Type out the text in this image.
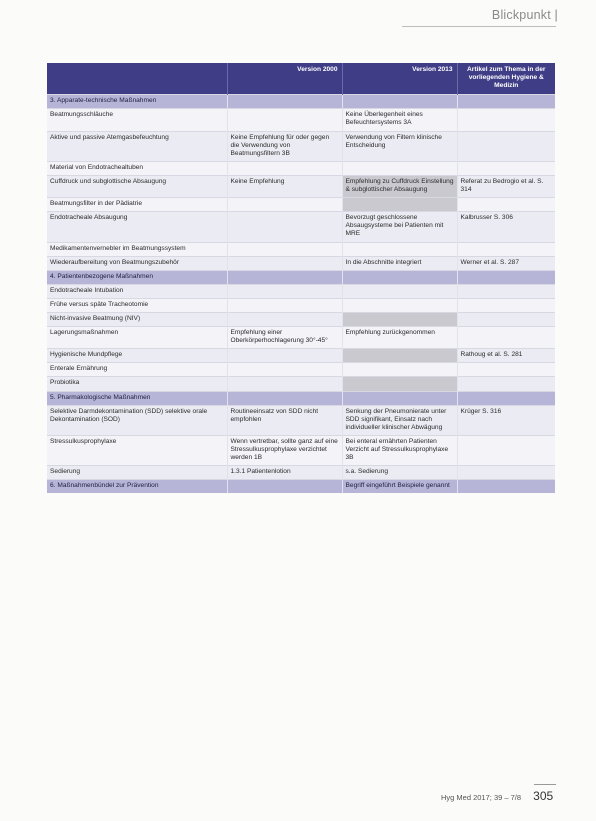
Blickpunkt |
	Version 2000	Version 2013	Artikel zum Thema in der vorliegenden Hygiene & Medizin
3. Apparate-technische Maßnahmen			
Beatmungsschläuche		Keine Überlegenheit eines Befeuchtersystems 3A	
Aktive und passive Atemgasbefeuchtung	Keine Empfehlung für oder gegen die Verwendung von Beatmungsfiltern 3B	Verwendung von Filtern klinische Entscheidung	
Material von Endotrachealtuben			
Cuffdruck und subglottische Absaugung	Keine Empfehlung	Empfehlung zu Cuffdruck Einstellung & subglottischer Absaugung	Referat zu Bedrogio et al. S. 314
Beatmungsfilter in der Pädiatrie			
Endotracheale Absaugung		Bevorzugt geschlossene Absaugsysteme bei Patienten mit MRE	Kalbrusser S. 306
Medikamentenvernebler im Beatmungssystem			
Wiederaufbereitung von Beatmungszubehör		In die Abschnitte integriert	Werner et al. S. 287
4. Patientenbezogene Maßnahmen			
Endotracheale Intubation			
Frühe versus späte Tracheotomie			
Nicht-invasive Beatmung (NIV)			
Lagerungsmaßnahmen	Empfehlung einer Oberkörperhochlagerung 30°-45°	Empfehlung zurückgenommen	
Hygienische Mundpflege			Rathoug et al. S. 281
Enterale Ernährung			
Probiotika			
5. Pharmakologische Maßnahmen			
Selektive Darmdekontamination (SDD) selektive orale Dekontamination (SOD)	Routineeinsatz von SDD nicht empfohlen	Senkung der Pneumonierate unter SDD signifikant, Einsatz nach individueller klinischer Abwägung	Krüger S. 316
Stressulkusprophylaxe	Wenn vertretbar, sollte ganz auf eine Stressulkusprophylaxe verzichtet werden 1B	Bei enteral ernährten Patienten Verzicht auf Stressulkusprophylaxe 3B	
Sedierung	1.3.1 Patientenlotion	s.a. Sedierung	
6. Maßnahmenbündel zur Prävention		Begriff eingeführt Beispiele genannt	
Hyg Med 2017; 39 – 7/8 305
